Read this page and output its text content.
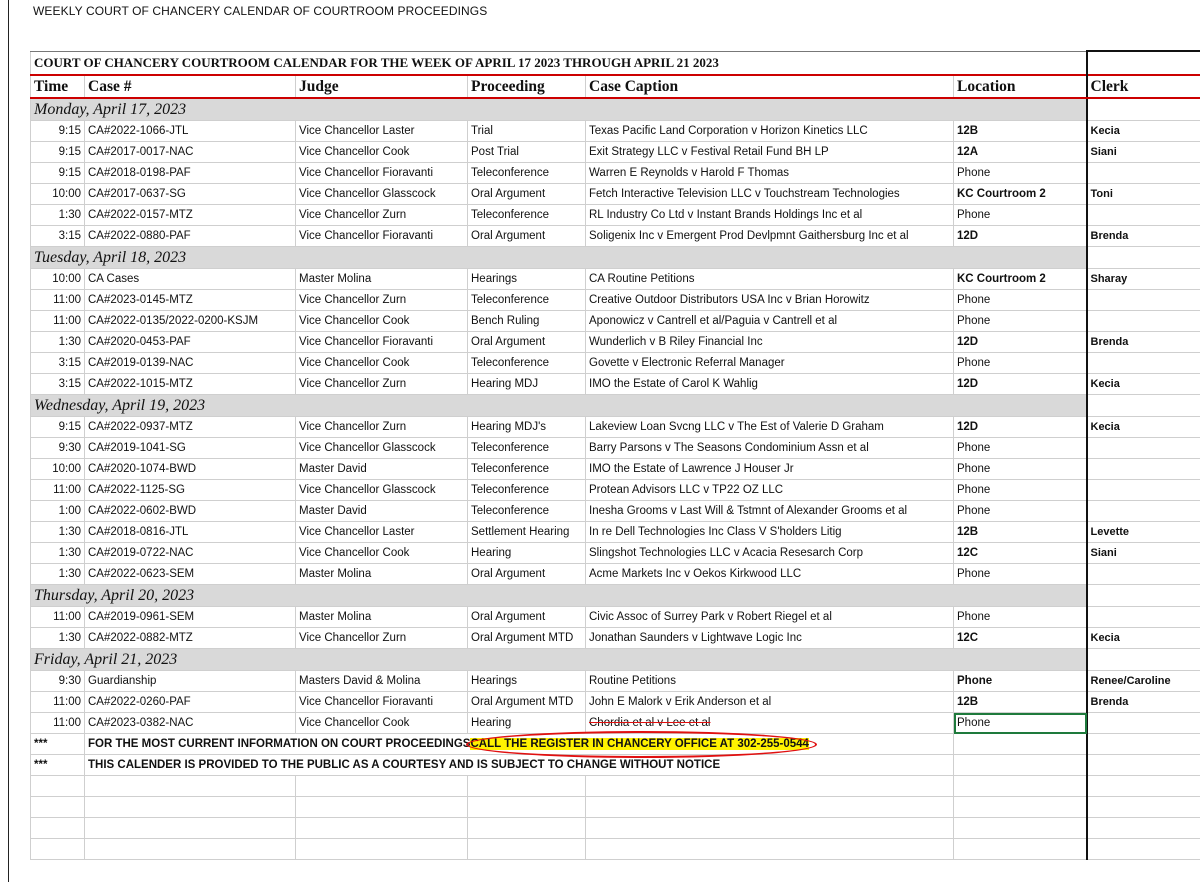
WEEKLY COURT OF CHANCERY CALENDAR OF COURTROOM PROCEEDINGS
COURT OF CHANCERY COURTROOM CALENDAR FOR THE WEEK OF APRIL 17 2023 THROUGH APRIL 21 2023						
Time	Case #	Judge	Proceeding	Case Caption	Location	Clerk
Monday, April 17, 2023						
9:15	CA#2022-1066-JTL	Vice Chancellor Laster	Trial	Texas Pacific Land Corporation v Horizon Kinetics LLC	12B	Kecia
9:15	CA#2017-0017-NAC	Vice Chancellor Cook	Post Trial	Exit Strategy LLC v Festival Retail Fund BH LP	12A	Siani
9:15	CA#2018-0198-PAF	Vice Chancellor Fioravanti	Teleconference	Warren E Reynolds v Harold F Thomas	Phone	
10:00	CA#2017-0637-SG	Vice Chancellor Glasscock	Oral Argument	Fetch Interactive Television LLC v Touchstream Technologies	KC Courtroom 2	Toni
1:30	CA#2022-0157-MTZ	Vice Chancellor Zurn	Teleconference	RL Industry Co Ltd v Instant Brands Holdings Inc et al	Phone	
3:15	CA#2022-0880-PAF	Vice Chancellor Fioravanti	Oral Argument	Soligenix Inc v Emergent Prod Devlpmnt Gaithersburg Inc et al	12D	Brenda
Tuesday, April 18, 2023						
10:00	CA Cases	Master Molina	Hearings	CA Routine Petitions	KC Courtroom 2	Sharay
11:00	CA#2023-0145-MTZ	Vice Chancellor Zurn	Teleconference	Creative Outdoor Distributors USA Inc v Brian Horowitz	Phone	
11:00	CA#2022-0135/2022-0200-KSJM	Vice Chancellor Cook	Bench Ruling	Aponowicz v Cantrell et al/Paguia v Cantrell et al	Phone	
1:30	CA#2020-0453-PAF	Vice Chancellor Fioravanti	Oral Argument	Wunderlich v B Riley Financial Inc	12D	Brenda
3:15	CA#2019-0139-NAC	Vice Chancellor Cook	Teleconference	Govette v Electronic Referral Manager	Phone	
3:15	CA#2022-1015-MTZ	Vice Chancellor Zurn	Hearing MDJ	IMO the Estate of Carol K Wahlig	12D	Kecia
Wednesday, April 19, 2023						
9:15	CA#2022-0937-MTZ	Vice Chancellor Zurn	Hearing MDJ's	Lakeview Loan Svcng LLC v The Est of Valerie D Graham	12D	Kecia
9:30	CA#2019-1041-SG	Vice Chancellor Glasscock	Teleconference	Barry Parsons v The Seasons Condominium Assn et al	Phone	
10:00	CA#2020-1074-BWD	Master David	Teleconference	IMO the Estate of Lawrence J Houser Jr	Phone	
11:00	CA#2022-1125-SG	Vice Chancellor Glasscock	Teleconference	Protean Advisors LLC v TP22 OZ LLC	Phone	
1:00	CA#2022-0602-BWD	Master David	Teleconference	Inesha Grooms v Last Will & Tstmnt of Alexander Grooms et al	Phone	
1:30	CA#2018-0816-JTL	Vice Chancellor Laster	Settlement Hearing	In re Dell Technologies Inc Class V S'holders Litig	12B	Levette
1:30	CA#2019-0722-NAC	Vice Chancellor Cook	Hearing	Slingshot Technologies LLC v Acacia Resesarch Corp	12C	Siani
1:30	CA#2022-0623-SEM	Master Molina	Oral Argument	Acme Markets Inc v Oekos Kirkwood LLC	Phone	
Thursday, April 20, 2023						
11:00	CA#2019-0961-SEM	Master Molina	Oral Argument	Civic Assoc of Surrey Park v Robert Riegel et al	Phone	
1:30	CA#2022-0882-MTZ	Vice Chancellor Zurn	Oral Argument MTD	Jonathan Saunders v Lightwave Logic Inc	12C	Kecia
Friday, April 21, 2023						
9:30	Guardianship	Masters David & Molina	Hearings	Routine Petitions	Phone	Renee/Caroline
11:00	CA#2022-0260-PAF	Vice Chancellor Fioravanti	Oral Argument MTD	John E Malork v Erik Anderson et al	12B	Brenda
11:00	CA#2023-0382-NAC	Vice Chancellor Cook	Hearing	Chordia et al v Lee et al	Phone	
***	FOR THE MOST CURRENT INFORMATION ON COURT PROCEEDINGSCALL THE REGISTER IN CHANCERY OFFICE AT 302-255-0544			

***	THIS CALENDER IS PROVIDED TO THE PUBLIC AS A COURTESY AND IS SUBJECT TO CHANGE WITHOUT NOTICE					
